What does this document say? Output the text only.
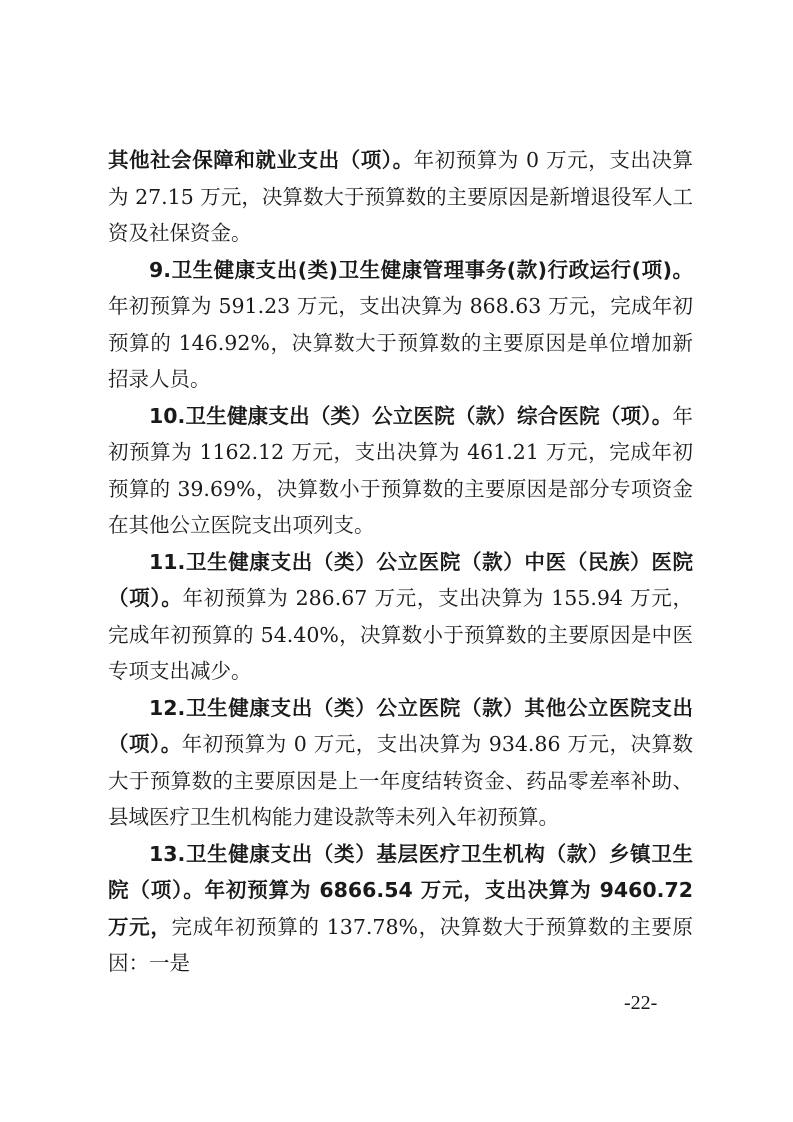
其他社会保障和就业支出（项）。年初预算为 0 万元，支出决算为 27.15 万元，决算数大于预算数的主要原因是新增退役军人工资及社保资金。

9.卫生健康支出(类)卫生健康管理事务(款)行政运行(项)。年初预算为 591.23 万元，支出决算为 868.63 万元，完成年初预算的 146.92%，决算数大于预算数的主要原因是单位增加新招录人员。

10.卫生健康支出（类）公立医院（款）综合医院（项）。年初预算为 1162.12 万元，支出决算为 461.21 万元，完成年初预算的 39.69%，决算数小于预算数的主要原因是部分专项资金在其他公立医院支出项列支。

11.卫生健康支出（类）公立医院（款）中医（民族）医院（项）。年初预算为 286.67 万元，支出决算为 155.94 万元，完成年初预算的 54.40%，决算数小于预算数的主要原因是中医专项支出减少。

12.卫生健康支出（类）公立医院（款）其他公立医院支出（项）。年初预算为 0 万元，支出决算为 934.86 万元，决算数大于预算数的主要原因是上一年度结转资金、药品零差率补助、县域医疗卫生机构能力建设款等未列入年初预算。

13.卫生健康支出（类）基层医疗卫生机构（款）乡镇卫生院（项）。年初预算为 6866.54 万元，支出决算为 9460.72 万元，完成年初预算的 137.78%，决算数大于预算数的主要原因：一是

-22-
